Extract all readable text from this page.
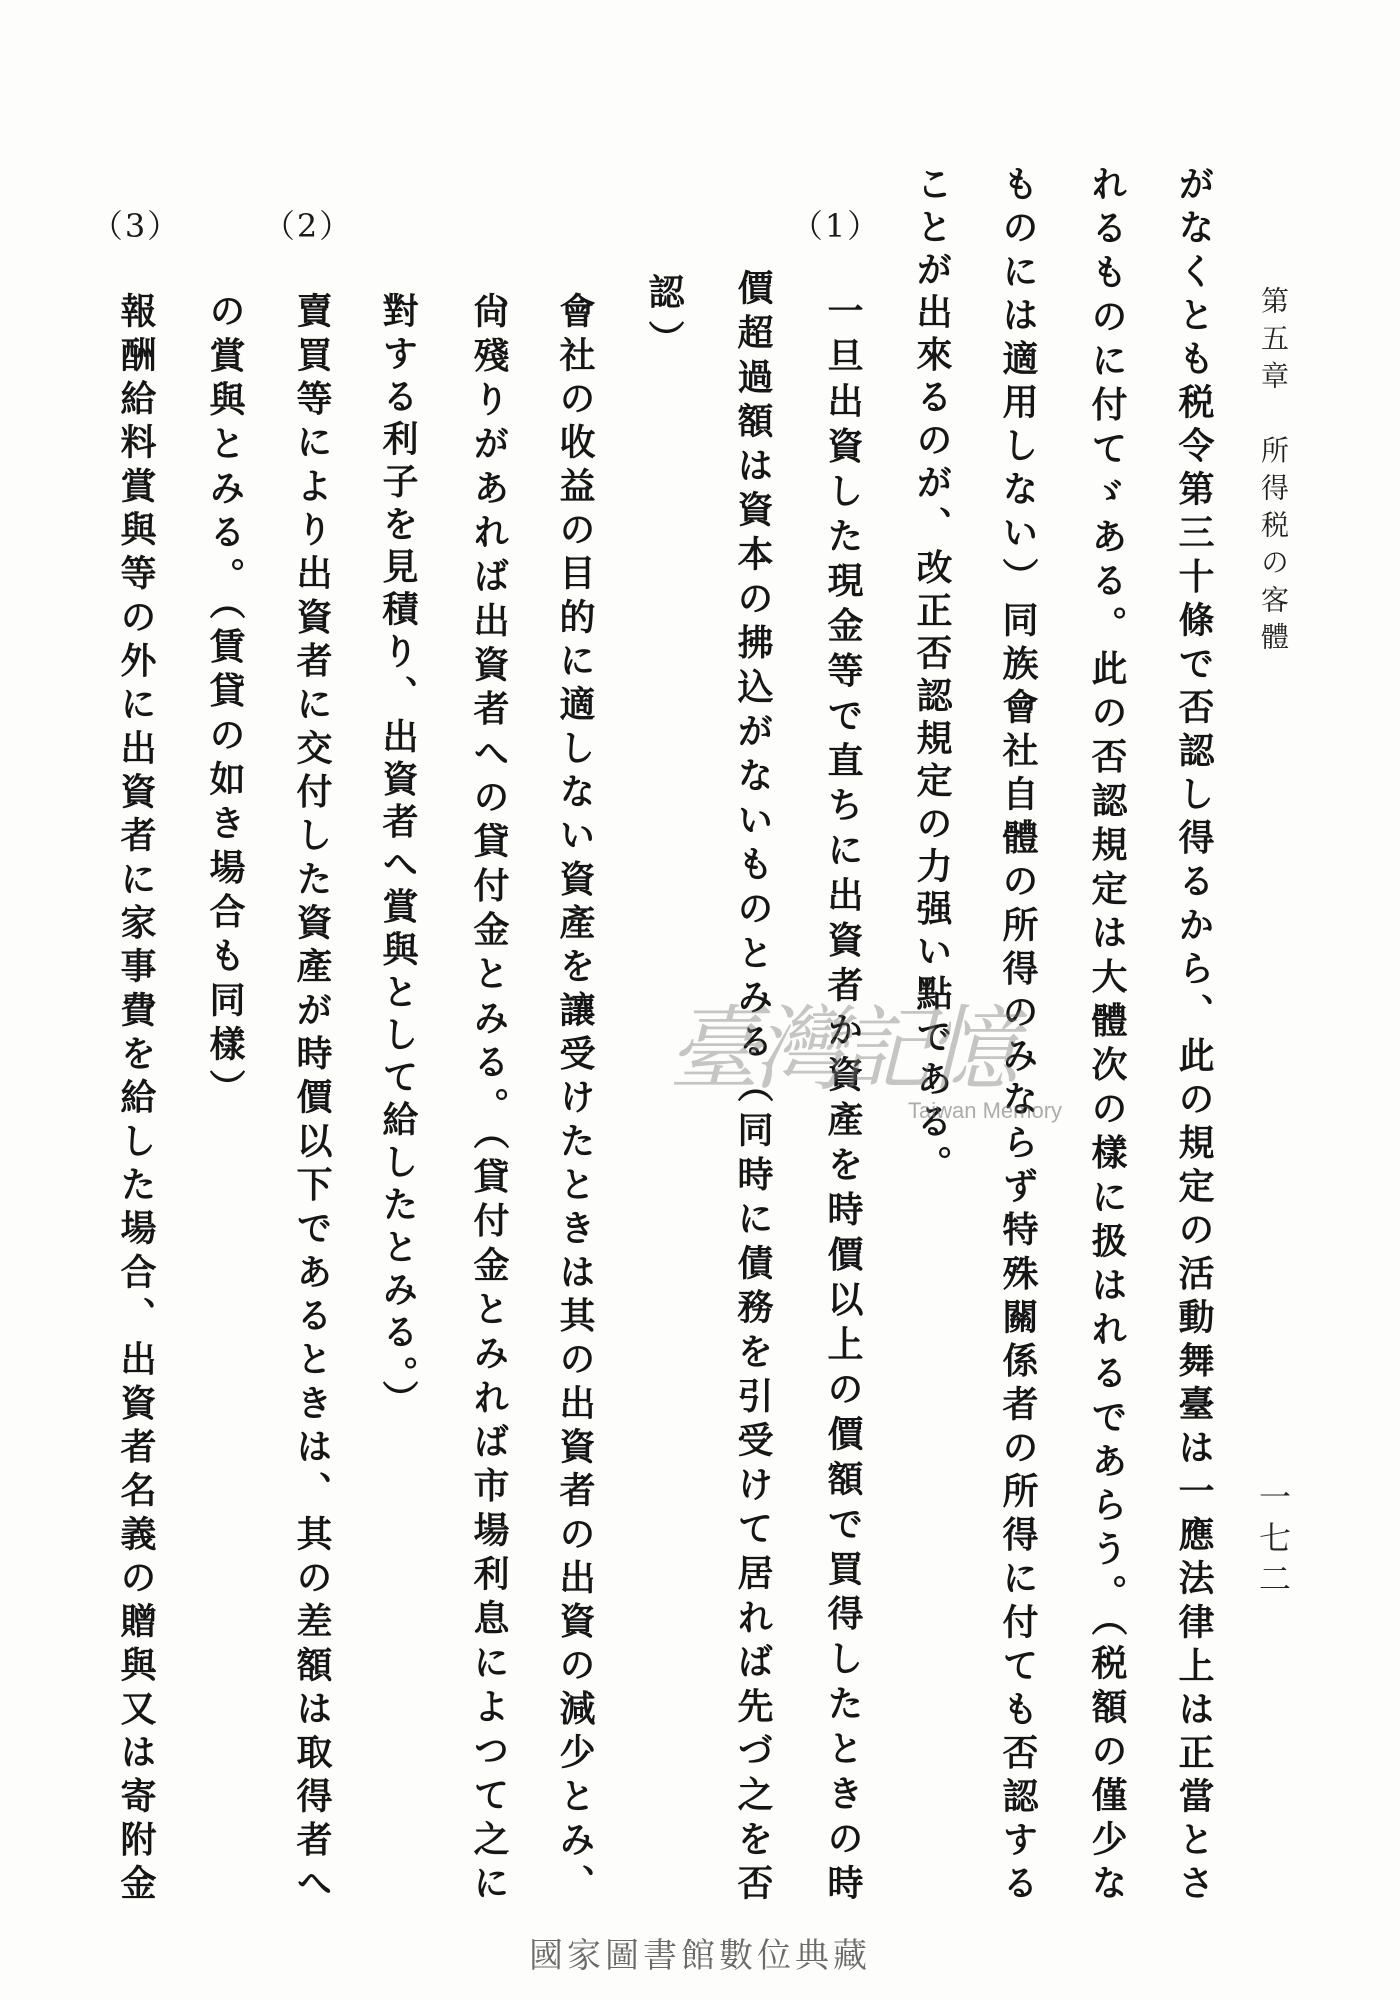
第五章　所得税の客體
一七二
がなくとも税令第三十條で否認し得るから、此の規定の活動舞臺は一應法律上は正當とさ
れるものに付てゞある。此の否認規定は大體次の樣に扱はれるであらう。（税額の僅少な
ものには適用しない）同族會社自體の所得のみならず特殊關係者の所得に付ても否認する
ことが出來るのが、改正否認規定の力强い點である。
（1）
一旦出資した現金等で直ちに出資者か資產を時價以上の價額で買得したときの時
價超過額は資本の拂込がないものとみる（同時に債務を引受けて居れば先づ之を否
認）
會社の收益の目的に適しない資產を讓受けたときは其の出資者の出資の減少とみ、
尙殘りがあれば出資者への貸付金とみる。（貸付金とみれば市場利息によつて之に
對する利子を見積り、出資者へ賞與として給したとみる。）
（2）
賣買等により出資者に交付した資產が時價以下であるときは、其の差額は取得者へ
の賞與とみる。（賃貸の如き場合も同樣）
（3）
報酬給料賞與等の外に出資者に家事費を給した場合、出資者名義の贈與又は寄附金	臺灣記憶
Taiwan Memory
國家圖書館數位典藏
